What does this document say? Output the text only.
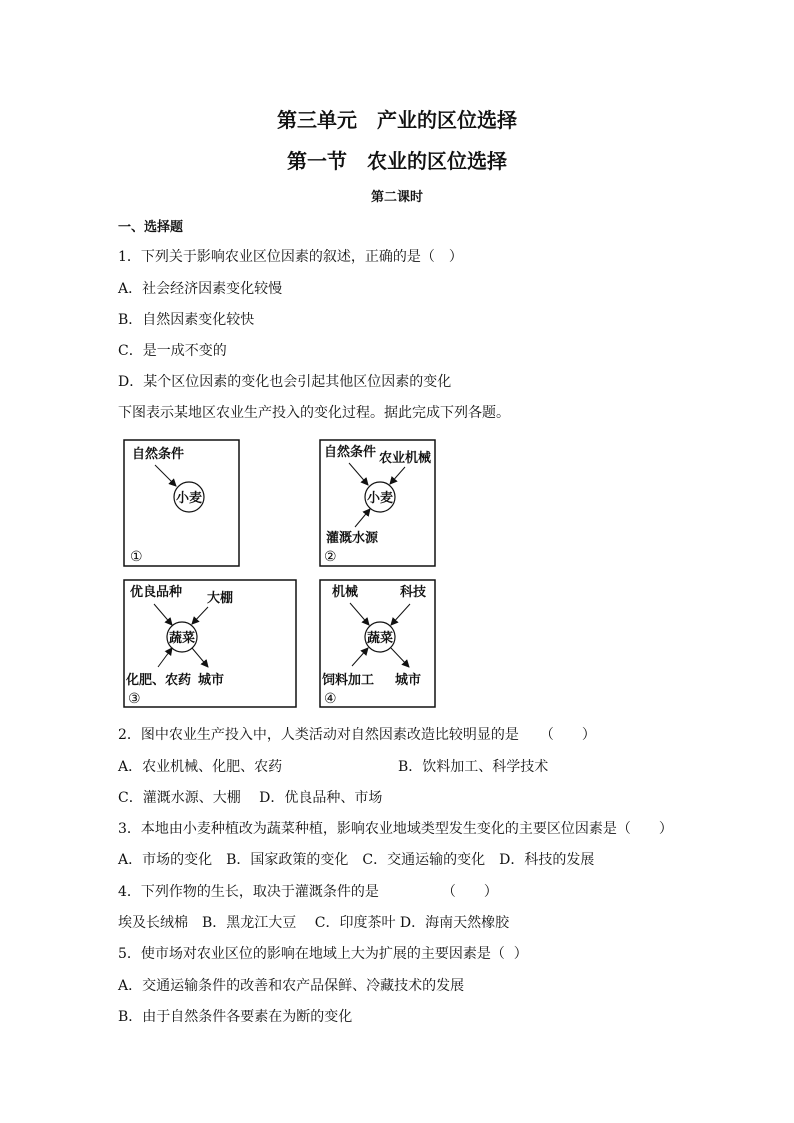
第三单元　产业的区位选择
第一节　农业的区位选择
第二课时
一、选择题
1．下列关于影响农业区位因素的叙述，正确的是（　）
A．社会经济因素变化较慢
B．自然因素变化较快
C．是一成不变的
D．某个区位因素的变化也会引起其他区位因素的变化
下图表示某地区农业生产投入的变化过程。据此完成下列各题。
自然条件
小麦
①
自然条件 农业机械
小麦
灌溉水源
②
优良品种 大棚
蔬菜
化肥、农药 城市
③
机械	科技
蔬菜
饲料加工 城市
④
2．图中农业生产投入中，人类活动对自然因素改造比较明显的是　　（　　）
A．农业机械、化肥、农药	B．饮料加工、科学技术
C．灌溉水源、大棚　 D．优良品种、市场
3．本地由小麦种植改为蔬菜种植，影响农业地域类型发生变化的主要区位因素是（　　）
A．市场的变化　B．国家政策的变化　C．交通运输的变化　D．科技的发展
4．下列作物的生长，取决于灌溉条件的是　　　　　（　　）
埃及长绒棉　B．黑龙江大豆　 C．印度茶叶 D．海南天然橡胶
5．使市场对农业区位的影响在地域上大为扩展的主要因素是（  ）
A．交通运输条件的改善和农产品保鲜、冷藏技术的发展
B．由于自然条件各要素在为断的变化
